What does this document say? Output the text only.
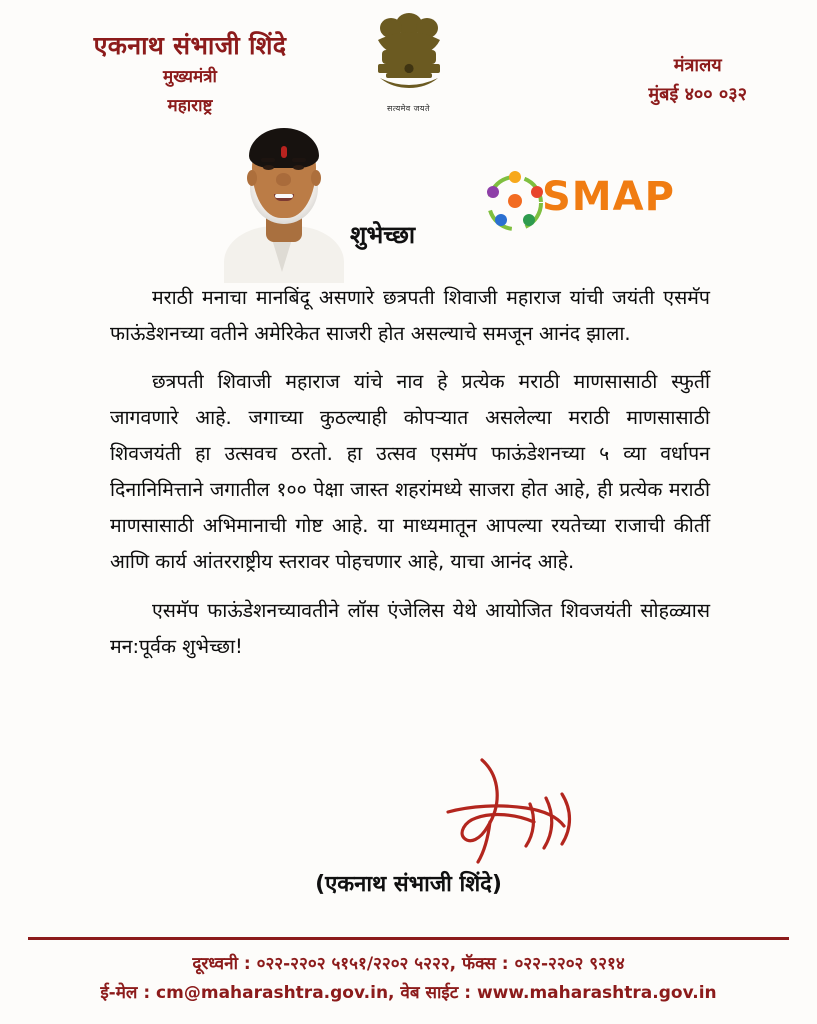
एकनाथ संभाजी शिंदे
मुख्यमंत्री
महाराष्ट्र	सत्यमेव जयते
मंत्रालय
मुंबई ४०० ०३२
SMAP
शुभेच्छा

मराठी मनाचा मानबिंदू असणारे छत्रपती शिवाजी महाराज यांची जयंती एसमॅप फाऊंडेशनच्या वतीने अमेरिकेत साजरी होत असल्याचे समजून आनंद झाला.

छत्रपती शिवाजी महाराज यांचे नाव हे प्रत्येक मराठी माणसासाठी स्फुर्ती जागवणारे आहे. जगाच्या कुठल्याही कोपऱ्यात असलेल्या मराठी माणसासाठी शिवजयंती हा उत्सवच ठरतो. हा उत्सव एसमॅप फाऊंडेशनच्या ५ व्या वर्धापन दिनानिमित्ताने जगातील १०० पेक्षा जास्त शहरांमध्ये साजरा होत आहे, ही प्रत्येक मराठी माणसासाठी अभिमानाची गोष्ट आहे. या माध्यमातून आपल्या रयतेच्या राजाची कीर्ती आणि कार्य आंतरराष्ट्रीय स्तरावर पोहचणार आहे, याचा आनंद आहे.

एसमॅप फाऊंडेशनच्यावतीने लॉस एंजेलिस येथे आयोजित शिवजयंती सोहळ्यास मन:पूर्वक शुभेच्छा!

(एकनाथ संभाजी शिंदे)
दूरध्वनी : ०२२-२२०२ ५१५१/२२०२ ५२२२, फॅक्स : ०२२-२२०२ ९२१४
ई-मेल : cm@maharashtra.gov.in, वेब साईट : www.maharashtra.gov.in
